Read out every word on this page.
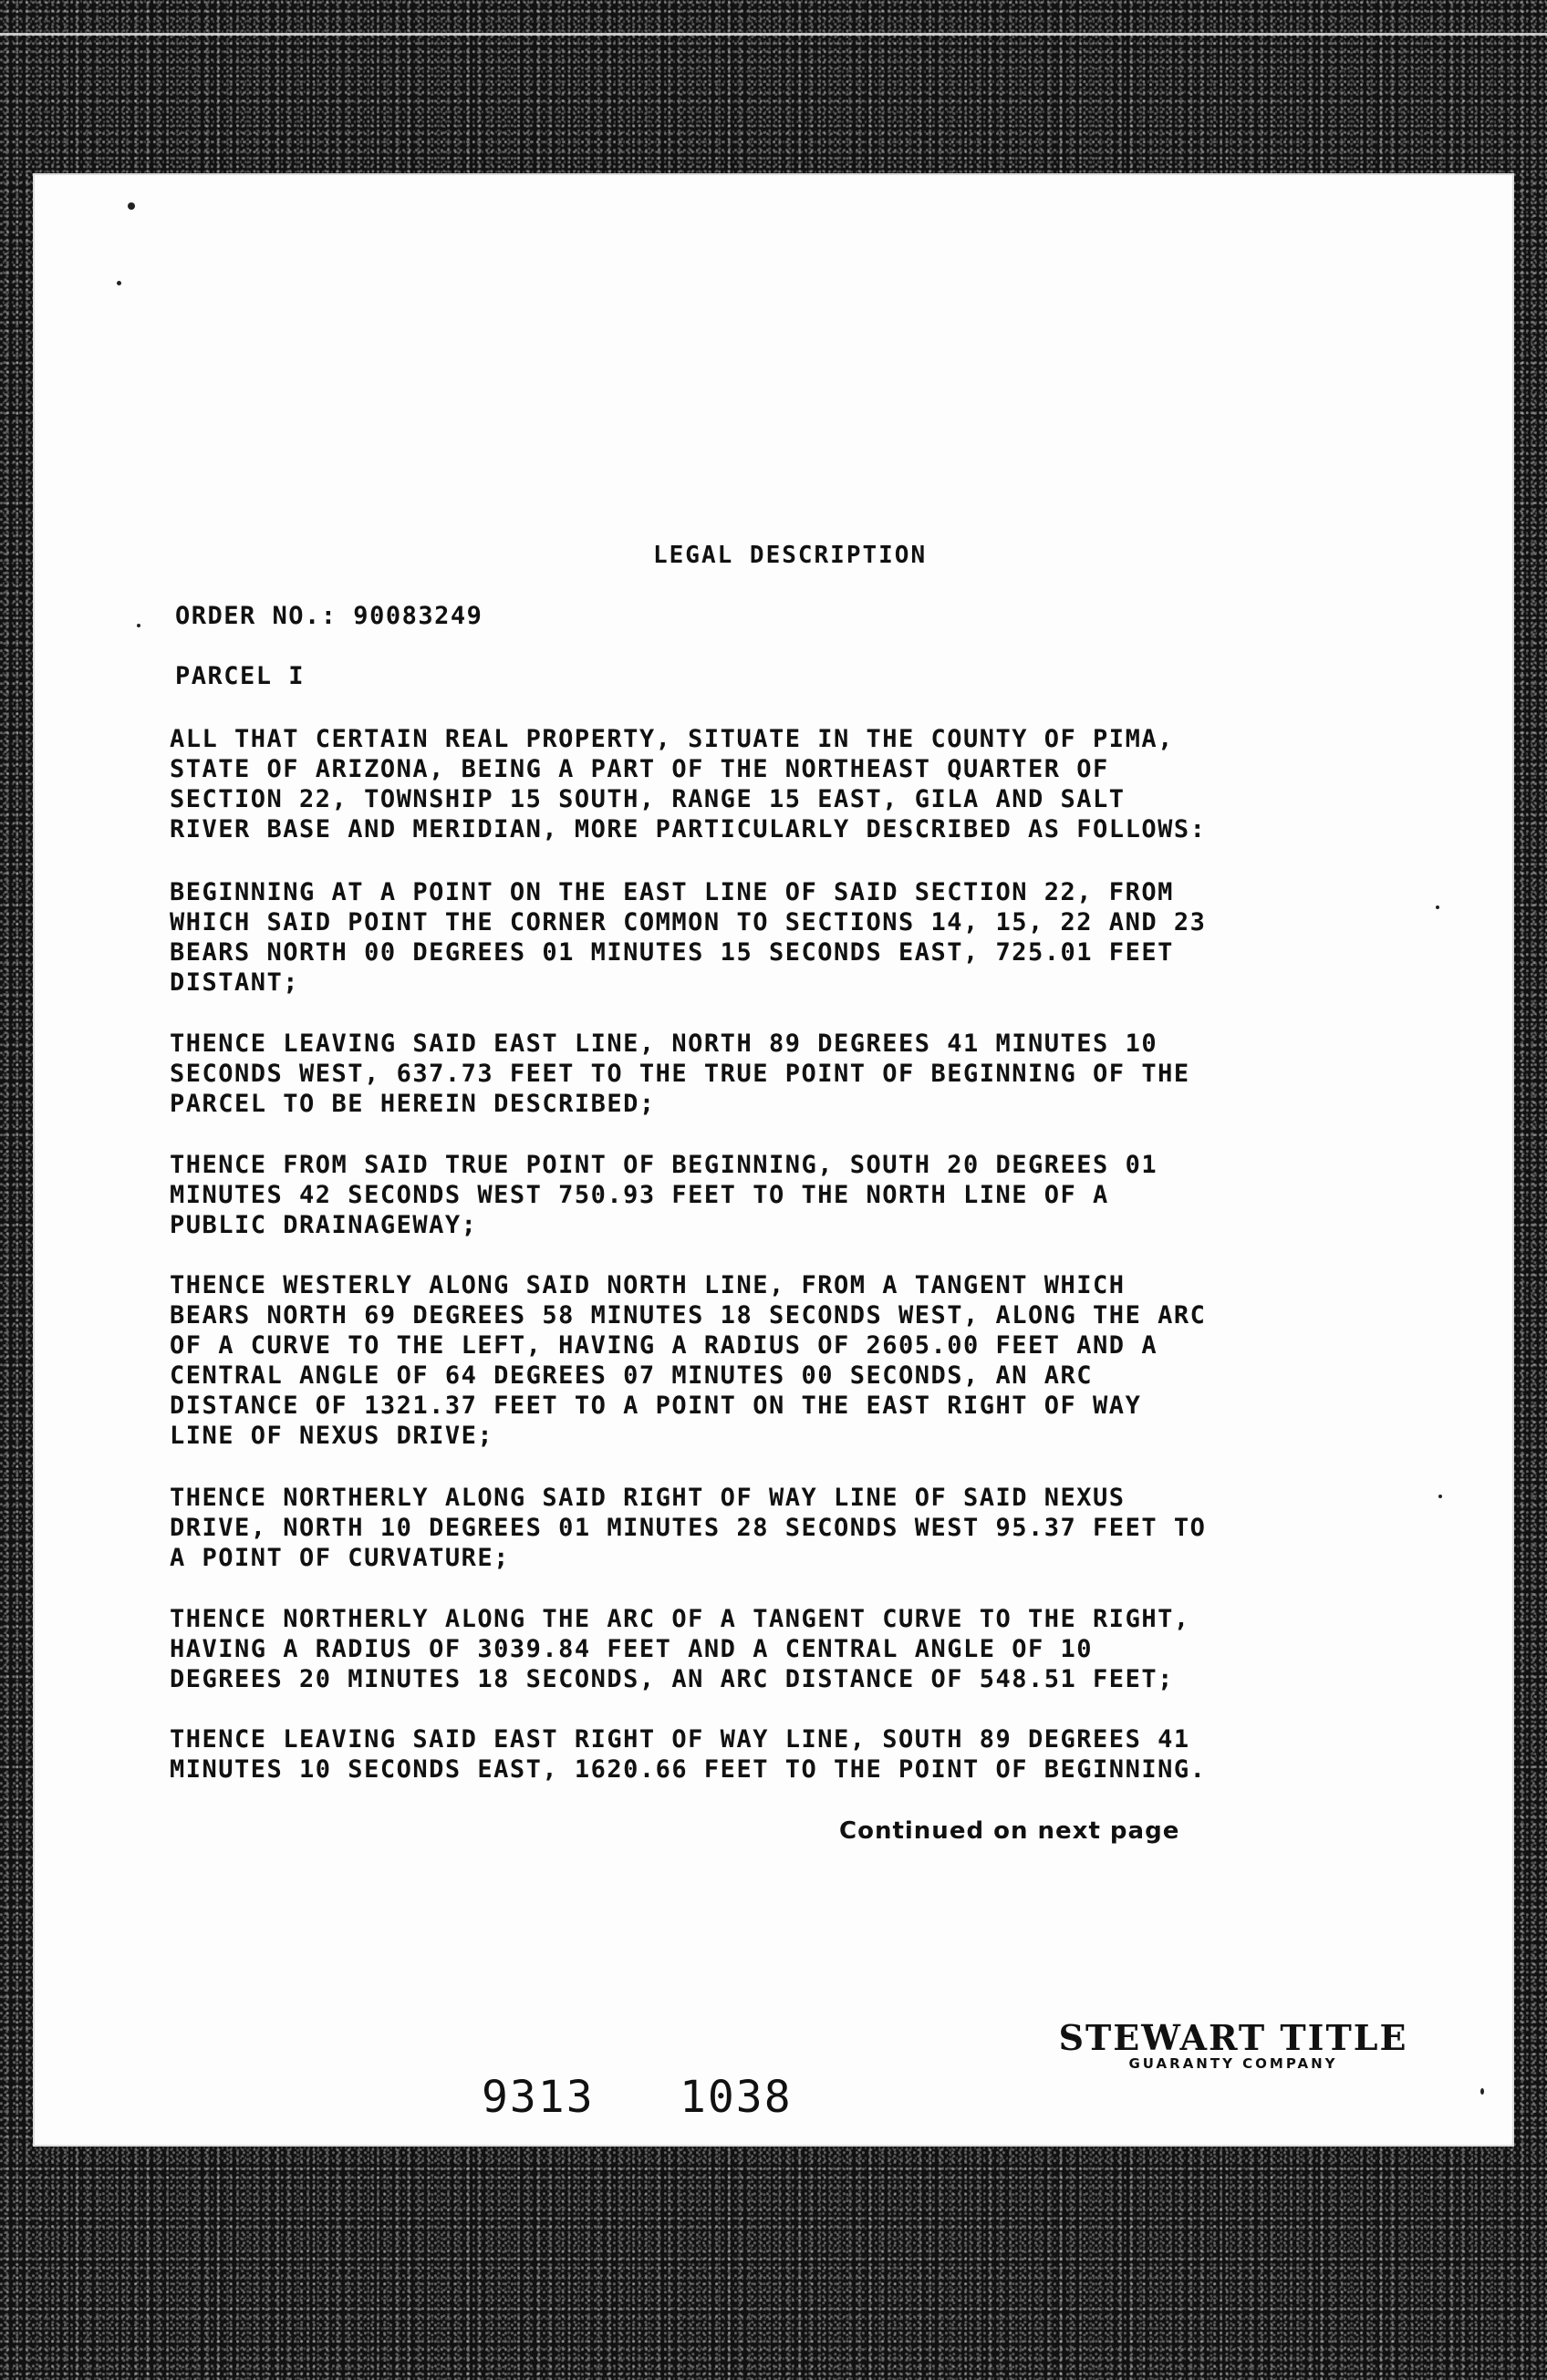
LEGAL DESCRIPTION
ORDER NO.: 90083249
PARCEL I
ALL THAT CERTAIN REAL PROPERTY, SITUATE IN THE COUNTY OF PIMA,
STATE OF ARIZONA, BEING A PART OF THE NORTHEAST QUARTER OF
SECTION 22, TOWNSHIP 15 SOUTH, RANGE 15 EAST, GILA AND SALT
RIVER BASE AND MERIDIAN, MORE PARTICULARLY DESCRIBED AS FOLLOWS:
BEGINNING AT A POINT ON THE EAST LINE OF SAID SECTION 22, FROM
WHICH SAID POINT THE CORNER COMMON TO SECTIONS 14, 15, 22 AND 23
BEARS NORTH 00 DEGREES 01 MINUTES 15 SECONDS EAST, 725.01 FEET
DISTANT;
THENCE LEAVING SAID EAST LINE, NORTH 89 DEGREES 41 MINUTES 10
SECONDS WEST, 637.73 FEET TO THE TRUE POINT OF BEGINNING OF THE
PARCEL TO BE HEREIN DESCRIBED;
THENCE FROM SAID TRUE POINT OF BEGINNING, SOUTH 20 DEGREES 01
MINUTES 42 SECONDS WEST 750.93 FEET TO THE NORTH LINE OF A
PUBLIC DRAINAGEWAY;
THENCE WESTERLY ALONG SAID NORTH LINE, FROM A TANGENT WHICH
BEARS NORTH 69 DEGREES 58 MINUTES 18 SECONDS WEST, ALONG THE ARC
OF A CURVE TO THE LEFT, HAVING A RADIUS OF 2605.00 FEET AND A
CENTRAL ANGLE OF 64 DEGREES 07 MINUTES 00 SECONDS, AN ARC
DISTANCE OF 1321.37 FEET TO A POINT ON THE EAST RIGHT OF WAY
LINE OF NEXUS DRIVE;
THENCE NORTHERLY ALONG SAID RIGHT OF WAY LINE OF SAID NEXUS
DRIVE, NORTH 10 DEGREES 01 MINUTES 28 SECONDS WEST 95.37 FEET TO
A POINT OF CURVATURE;
THENCE NORTHERLY ALONG THE ARC OF A TANGENT CURVE TO THE RIGHT,
HAVING A RADIUS OF 3039.84 FEET AND A CENTRAL ANGLE OF 10
DEGREES 20 MINUTES 18 SECONDS, AN ARC DISTANCE OF 548.51 FEET;
THENCE LEAVING SAID EAST RIGHT OF WAY LINE, SOUTH 89 DEGREES 41
MINUTES 10 SECONDS EAST, 1620.66 FEET TO THE POINT OF BEGINNING.
Continued on next page
STEWART TITLE
GUARANTY COMPANY
9313 1038
